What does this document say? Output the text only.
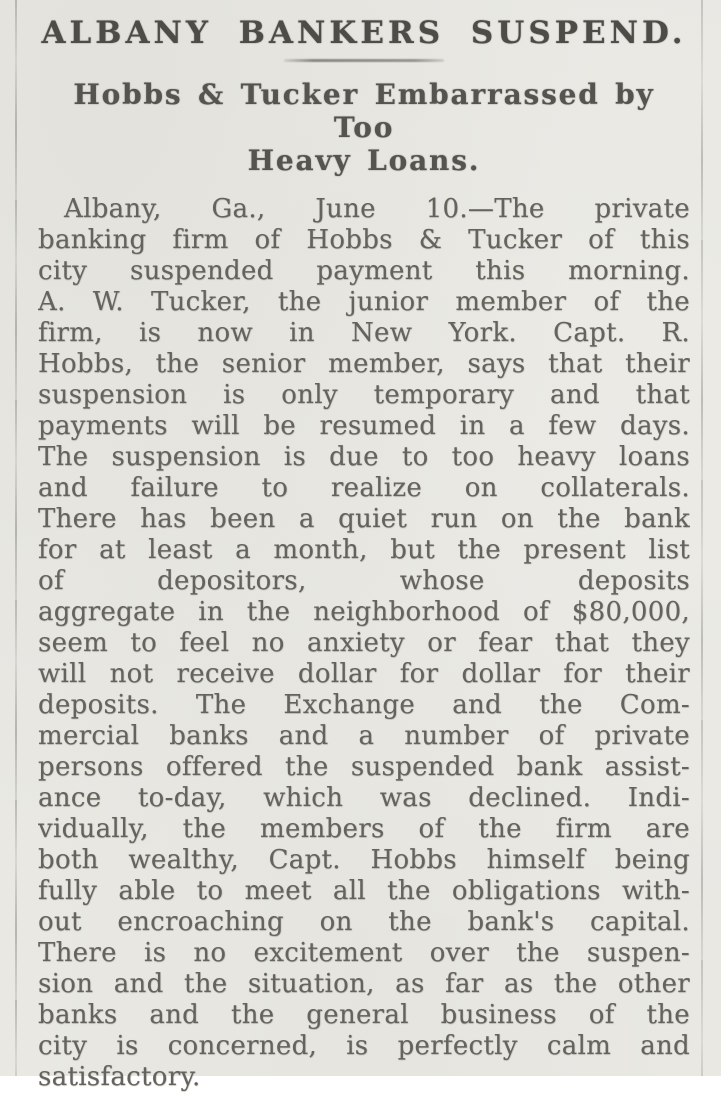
ALBANY BANKERS SUSPEND.
Hobbs & Tucker Embarrassed by Too
Heavy Loans.
Albany, Ga., June 10.—The private
banking firm of Hobbs & Tucker of this
city suspended payment this morning.
A. W. Tucker, the junior member of the
firm, is now in New York. Capt. R.
Hobbs, the senior member, says that their
suspension is only temporary and that
payments will be resumed in a few days.
The suspension is due to too heavy loans
and failure to realize on collaterals.
There has been a quiet run on the bank
for at least a month, but the present list
of depositors, whose deposits
aggregate in the neighborhood of $80,000,
seem to feel no anxiety or fear that they
will not receive dollar for dollar for their
deposits. The Exchange and the Com-
mercial banks and a number of private
persons offered the suspended bank assist-
ance to-day, which was declined. Indi-
vidually, the members of the firm are
both wealthy, Capt. Hobbs himself being
fully able to meet all the obligations with-
out encroaching on the bank's capital.
There is no excitement over the suspen-
sion and the situation, as far as the other
banks and the general business of the
city is concerned, is perfectly calm and
satisfactory.
